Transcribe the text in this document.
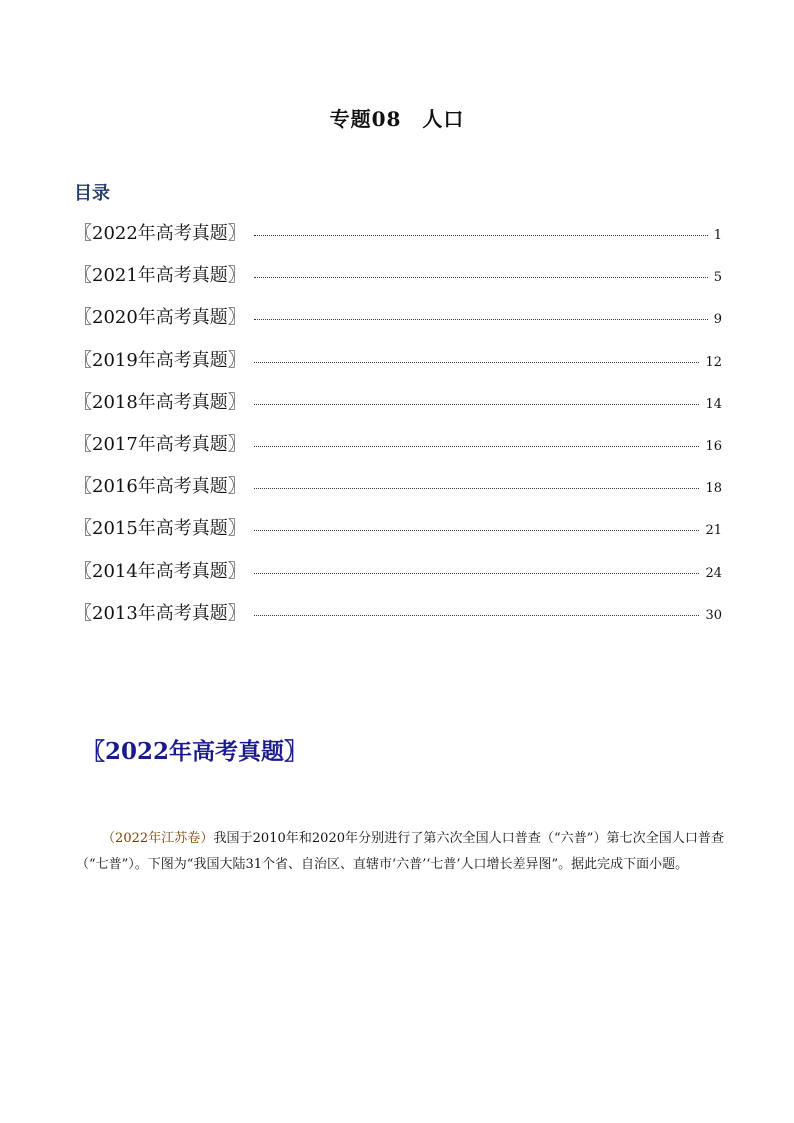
专题08　人口
目录
〖2022年高考真题〗	1
〖2021年高考真题〗	5
〖2020年高考真题〗	9
〖2019年高考真题〗	12
〖2018年高考真题〗	14
〖2017年高考真题〗	16
〖2016年高考真题〗	18
〖2015年高考真题〗	21
〖2014年高考真题〗	24
〖2013年高考真题〗	30
〖2022年高考真题〗
（2022年江苏卷）我国于2010年和2020年分别进行了第六次全国人口普查（“六普”）第七次全国人口普查（“七普”）。下图为“我国大陆31个省、自治区、直辖市‘六普’‘七普’人口增长差异图”。据此完成下面小题。
